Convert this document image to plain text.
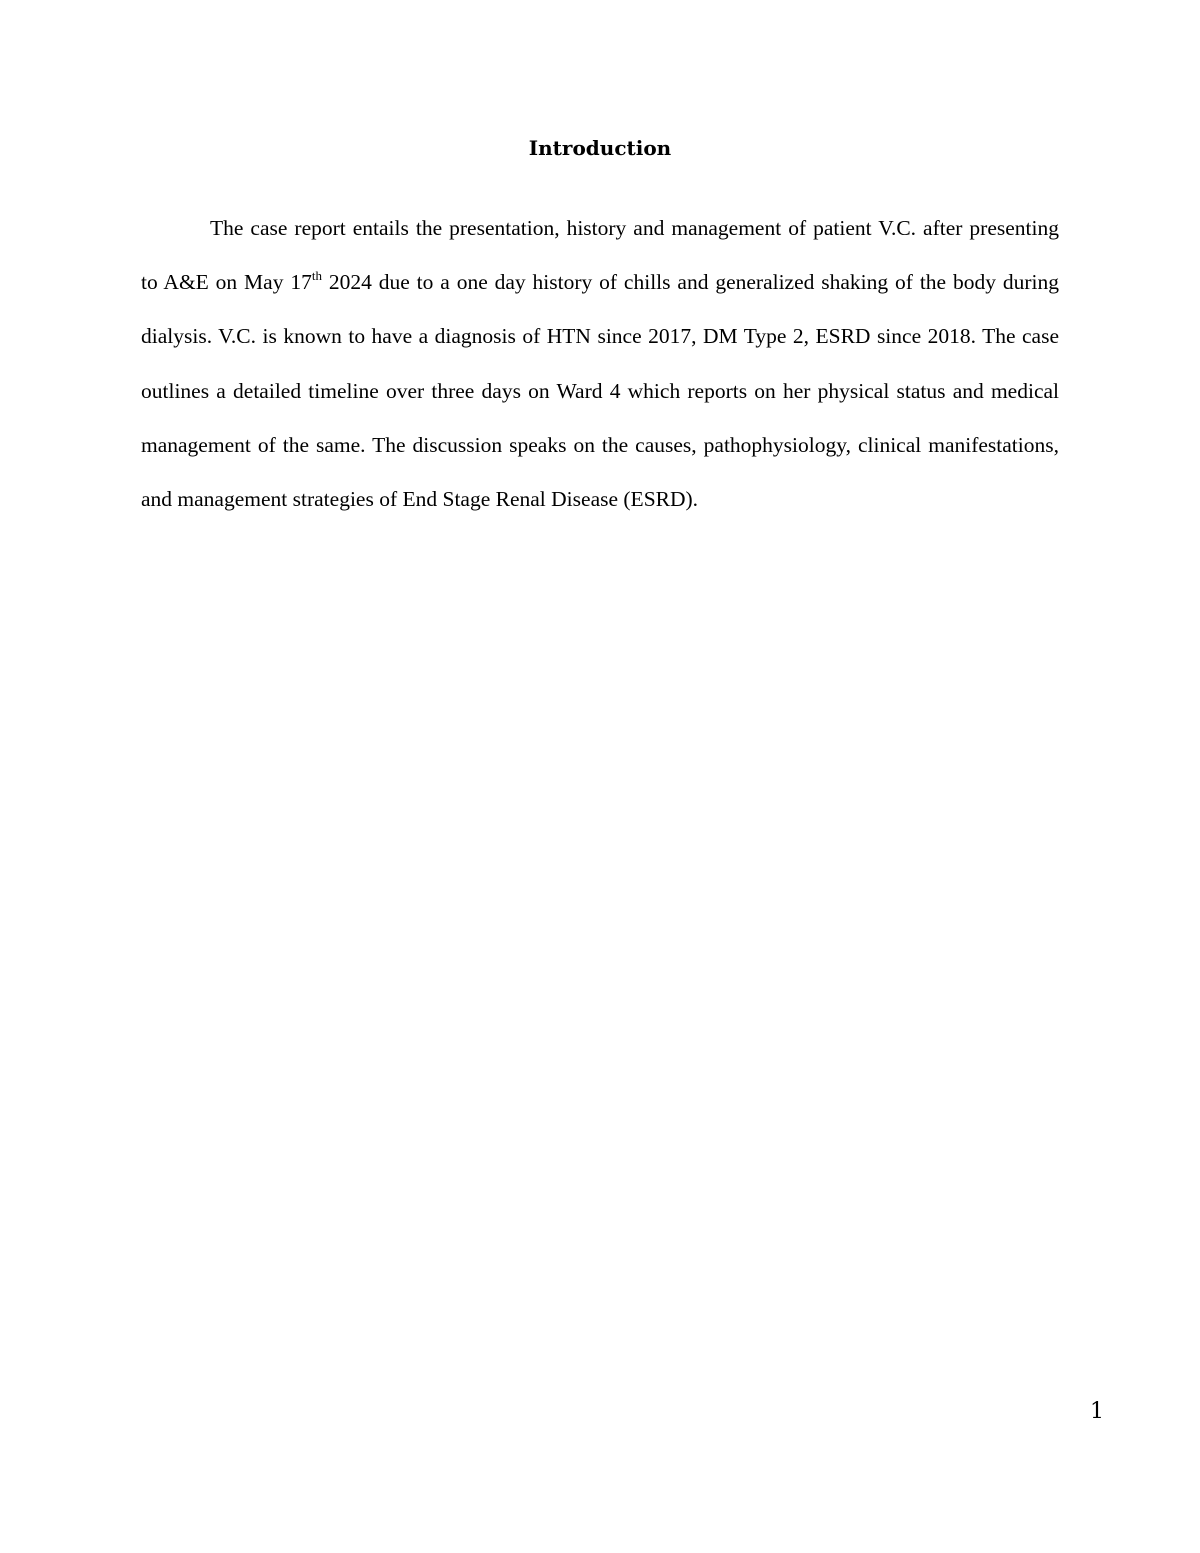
Introduction

The case report entails the presentation, history and management of patient V.C. after presenting to A&E on May 17th 2024 due to a one day history of chills and generalized shaking of the body during dialysis. V.C. is known to have a diagnosis of HTN since 2017, DM Type 2, ESRD since 2018. The case outlines a detailed timeline over three days on Ward 4 which reports on her physical status and medical management of the same. The discussion speaks on the causes, pathophysiology, clinical manifestations, and management strategies of End Stage Renal Disease (ESRD).

1
